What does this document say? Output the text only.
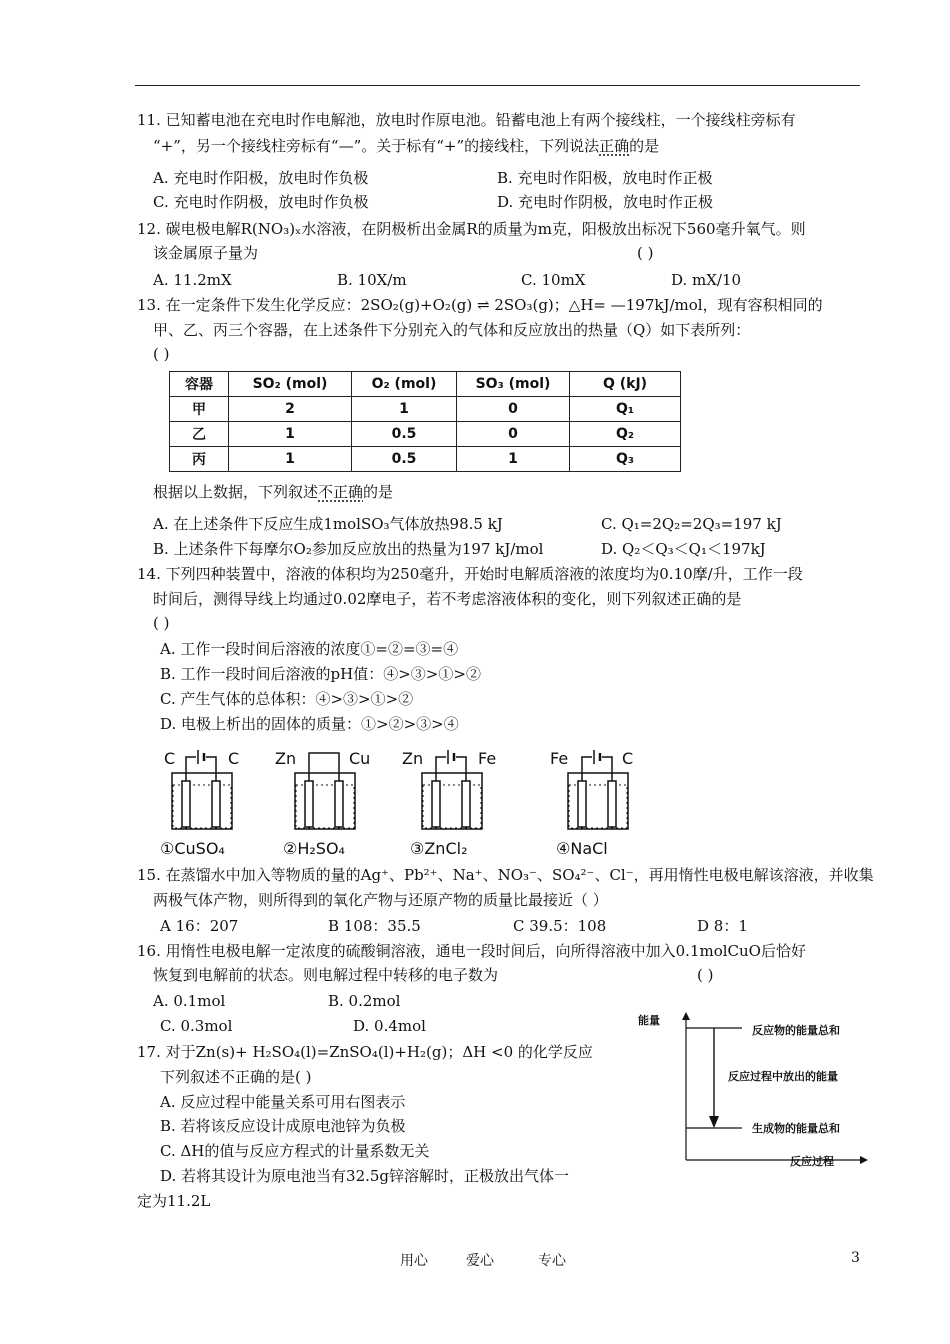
11. 已知蓄电池在充电时作电解池，放电时作原电池。铅蓄电池上有两个接线柱，一个接线柱旁标有
“+”，另一个接线柱旁标有“—”。关于标有“+”的接线柱，下列说法正确的是
A. 充电时作阳极，放电时作负极	B. 充电时作阳极，放电时作正极
C. 充电时作阴极，放电时作负极	D. 充电时作阴极，放电时作正极
12. 碳电极电解R(NO₃)ₓ水溶液，在阴极析出金属R的质量为m克，阳极放出标况下560毫升氧气。则
该金属原子量为	( )
A. 11.2mX	B. 10X/m	C. 10mX	D. mX/10
13. 在一定条件下发生化学反应：2SO₂(g)+O₂(g) ⇌ 2SO₃(g)；△H= —197kJ/mol，现有容积相同的
甲、乙、丙三个容器，在上述条件下分别充入的气体和反应放出的热量（Q）如下表所列：
( )
容器	SO₂ (mol)	O₂ (mol)	SO₃ (mol)	Q (kJ)
甲	2	1	0	Q₁
乙	1	0.5	0	Q₂
丙	1	0.5	1	Q₃
根据以上数据，下列叙述不正确的是
A. 在上述条件下反应生成1molSO₃气体放热98.5 kJ	C. Q₁=2Q₂=2Q₃=197 kJ
B. 上述条件下每摩尔O₂参加反应放出的热量为197 kJ/mol	D. Q₂＜Q₃＜Q₁＜197kJ
14. 下列四种装置中，溶液的体积均为250毫升，开始时电解质溶液的浓度均为0.10摩/升，工作一段
时间后，测得导线上均通过0.02摩电子，若不考虑溶液体积的变化，则下列叙述正确的是
( )
A. 工作一段时间后溶液的浓度①=②=③=④
B. 工作一段时间后溶液的pH值：④>③>①>②
C. 产生气体的总体积：④>③>①>②
D. 电极上析出的固体的质量：①>②>③>④
C	C
①CuSO₄
Zn	Cu
②H₂SO₄
Zn	Fe
③ZnCl₂
Fe	C
④NaCl
15. 在蒸馏水中加入等物质的量的Ag⁺、Pb²⁺、Na⁺、NO₃⁻、SO₄²⁻、Cl⁻，再用惰性电极电解该溶液，并收集
两极气体产物，则所得到的氧化产物与还原产物的质量比最接近（ ）
A 16：207	B 108：35.5	C 39.5：108	D 8：1
16. 用惰性电极电解一定浓度的硫酸铜溶液，通电一段时间后，向所得溶液中加入0.1molCuO后恰好
恢复到电解前的状态。则电解过程中转移的电子数为	( )
A. 0.1mol	B. 0.2mol
C. 0.3mol	D. 0.4mol
17. 对于Zn(s)+ H₂SO₄(l)=ZnSO₄(l)+H₂(g)；ΔH <0 的化学反应
下列叙述不正确的是( )
A. 反应过程中能量关系可用右图表示
B. 若将该反应设计成原电池锌为负极
C. ΔH的值与反应方程式的计量系数无关
D. 若将其设计为原电池当有32.5g锌溶解时，正极放出气体一
定为11.2L
能量
反应物的能量总和
反应过程中放出的能量
生成物的能量总和
反应过程
用心	爱心	专心	3
